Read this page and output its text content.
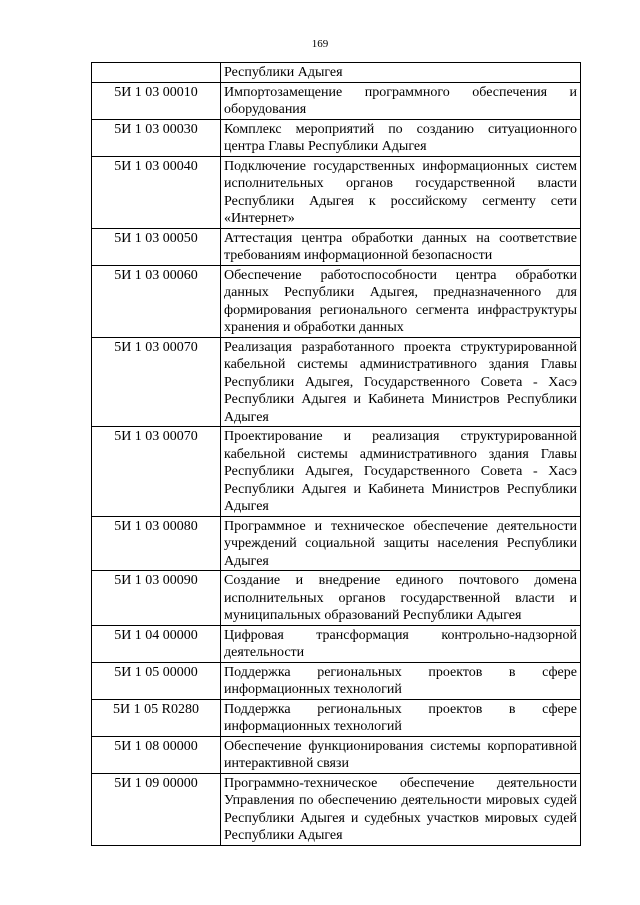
169
	Республики Адыгея
5И 1 03 00010	Импортозамещение программного обеспечения и оборудования
5И 1 03 00030	Комплекс мероприятий по созданию ситуационного центра Главы Республики Адыгея
5И 1 03 00040	Подключение государственных информационных систем исполнительных органов государственной власти Республики Адыгея к российскому сегменту сети «Интернет»
5И 1 03 00050	Аттестация центра обработки данных на соответствие требованиям информационной безопасности
5И 1 03 00060	Обеспечение работоспособности центра обработки данных Республики Адыгея, предназначенного для формирования регионального сегмента инфраструктуры хранения и обработки данных
5И 1 03 00070	Реализация разработанного проекта структурированной кабельной системы административного здания Главы Республики Адыгея, Государственного Совета - Хасэ Республики Адыгея и Кабинета Министров Республики Адыгея
5И 1 03 00070	Проектирование и реализация структурированной кабельной системы административного здания Главы Республики Адыгея, Государственного Совета - Хасэ Республики Адыгея и Кабинета Министров Республики Адыгея
5И 1 03 00080	Программное и техническое обеспечение деятельности учреждений социальной защиты населения Республики Адыгея
5И 1 03 00090	Создание и внедрение единого почтового домена исполнительных органов государственной власти и муниципальных образований Республики Адыгея
5И 1 04 00000	Цифровая трансформация контрольно-надзорной деятельности
5И 1 05 00000	Поддержка региональных проектов в сфере информационных технологий
5И 1 05 R0280	Поддержка региональных проектов в сфере информационных технологий
5И 1 08 00000	Обеспечение функционирования системы корпоративной интерактивной связи
5И 1 09 00000	Программно-техническое обеспечение деятельности Управления по обеспечению деятельности мировых судей Республики Адыгея и судебных участков мировых судей Республики Адыгея
